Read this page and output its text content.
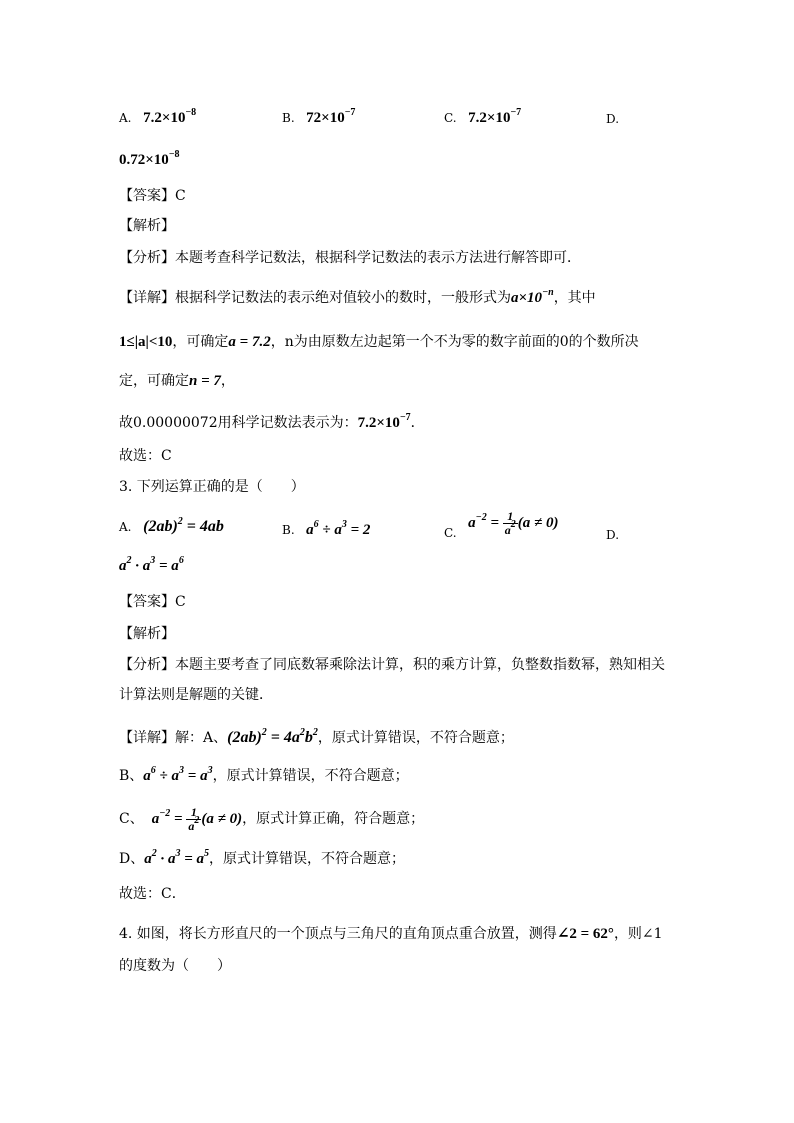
A. $7.2\times 10^{-8}$	B. $72\times 10^{-7}$	C. $7.2\times 10^{-7}$	D.
$0.72\times 10^{-8}$
【答案】C
【解析】
【分析】本题考查科学记数法，根据科学记数法的表示方法进行解答即可．
【详解】根据科学记数法的表示绝对值较小的数时，一般形式为$a\times 10^{-n}$，其中
1≤|a|<10，可确定a = 7.2，n为由原数左边起第一个不为零的数字前面的0的个数所决
定，可确定n = 7，
故0.00000072用科学记数法表示为：$7.2\times 10^{-7}$．
故选：C
3. 下列运算正确的是（　　）
A. $(2ab)^2 = 4ab$	B. $a^6 \div a^3 = 2$	C. $a^{-2} = \frac{1}{a^2} (a \ne 0)$
D.
$a^2 \cdot a^3 = a^6$
【答案】C
【解析】
【分析】本题主要考查了同底数幂乘除法计算，积的乘方计算，负整数指数幂，熟知相关
计算法则是解题的关键．
【详解】解：A、$(2ab)^2 = 4a^2b^2$，原式计算错误，不符合题意；
B、$a^6 \div a^3 = a^3$，原式计算错误，不符合题意；
C、 $a^{-2} = \frac{1}{a^2} (a \ne 0)$，原式计算正确，符合题意；
D、$a^2 \cdot a^3 = a^5$，原式计算错误，不符合题意；
故选：C．
4. 如图，将长方形直尺的一个顶点与三角尺的直角顶点重合放置，测得∠2 = 62°，则∠1
的度数为（　　）
